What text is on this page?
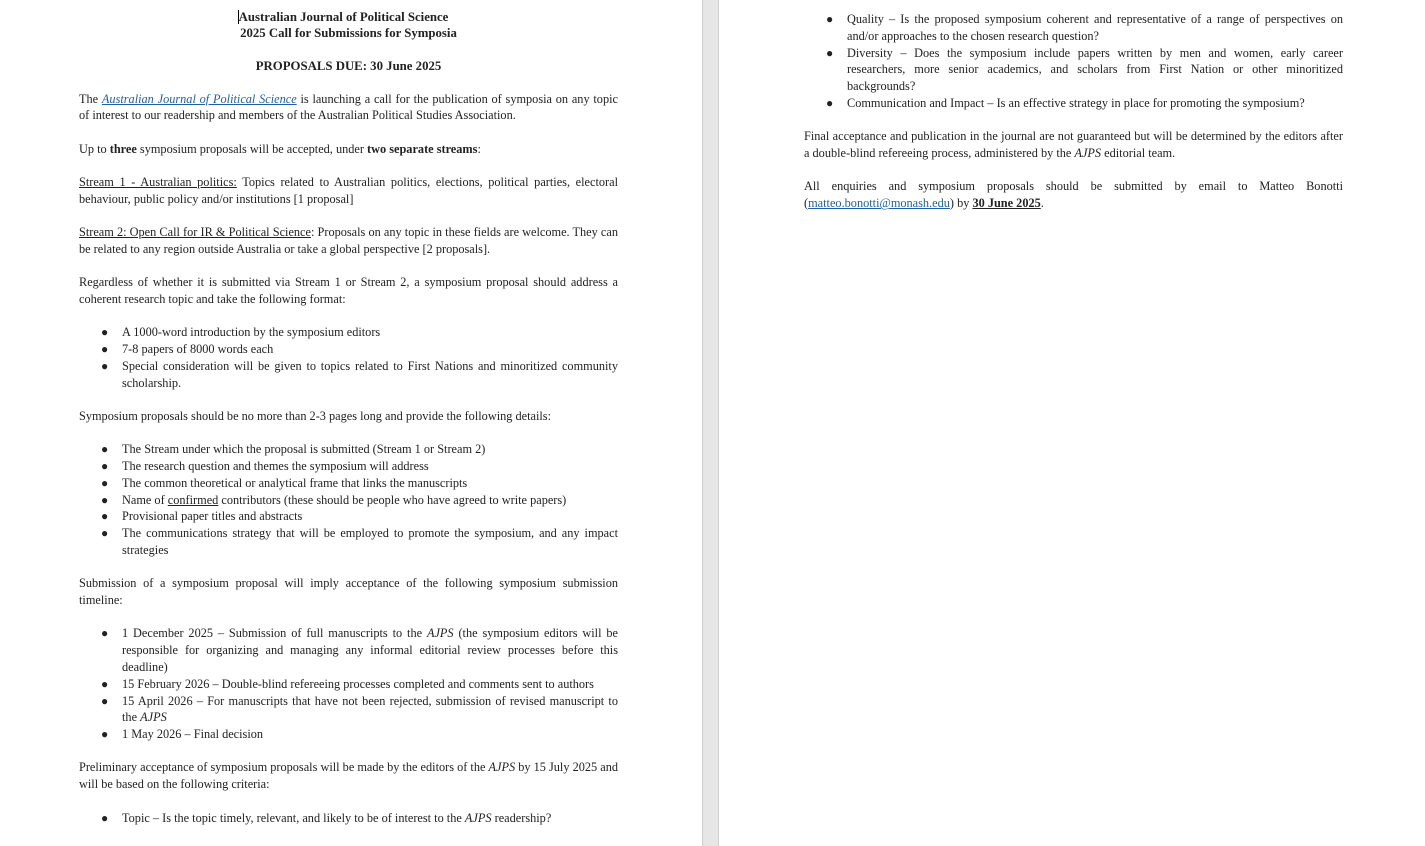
Australian Journal of Political Science
2025 Call for Submissions for Symposia
PROPOSALS DUE: 30 June 2025

The Australian Journal of Political Science is launching a call for the publication of symposia on any topic of interest to our readership and members of the Australian Political Studies Association.

Up to three symposium proposals will be accepted, under two separate streams:

Stream 1 - Australian politics: Topics related to Australian politics, elections, political parties, electoral behaviour, public policy and/or institutions [1 proposal]

Stream 2: Open Call for IR & Political Science: Proposals on any topic in these fields are welcome. They can be related to any region outside Australia or take a global perspective [2 proposals].

Regardless of whether it is submitted via Stream 1 or Stream 2, a symposium proposal should address a coherent research topic and take the following format:

● A 1000-word introduction by the symposium editors
● 7-8 papers of 8000 words each
● Special consideration will be given to topics related to First Nations and minoritized community scholarship.

Symposium proposals should be no more than 2-3 pages long and provide the following details:

● The Stream under which the proposal is submitted (Stream 1 or Stream 2)
● The research question and themes the symposium will address
● The common theoretical or analytical frame that links the manuscripts
● Name of confirmed contributors (these should be people who have agreed to write papers)
● Provisional paper titles and abstracts
● The communications strategy that will be employed to promote the symposium, and any impact strategies

Submission of a symposium proposal will imply acceptance of the following symposium submission timeline:

● 1 December 2025 – Submission of full manuscripts to the AJPS (the symposium editors will be responsible for organizing and managing any informal editorial review processes before this deadline)
● 15 February 2026 – Double-blind refereeing processes completed and comments sent to authors
● 15 April 2026 – For manuscripts that have not been rejected, submission of revised manuscript to the AJPS
● 1 May 2026 – Final decision

Preliminary acceptance of symposium proposals will be made by the editors of the AJPS by 15 July 2025 and will be based on the following criteria:

● Topic – Is the topic timely, relevant, and likely to be of interest to the AJPS readership?
● Quality – Is the proposed symposium coherent and representative of a range of perspectives on and/or approaches to the chosen research question?
● Diversity – Does the symposium include papers written by men and women, early career researchers, more senior academics, and scholars from First Nation or other minoritized backgrounds?
● Communication and Impact – Is an effective strategy in place for promoting the symposium?

Final acceptance and publication in the journal are not guaranteed but will be determined by the editors after a double-blind refereeing process, administered by the AJPS editorial team.

All enquiries and symposium proposals should be submitted by email to Matteo Bonotti (matteo.bonotti@monash.edu) by 30 June 2025.
